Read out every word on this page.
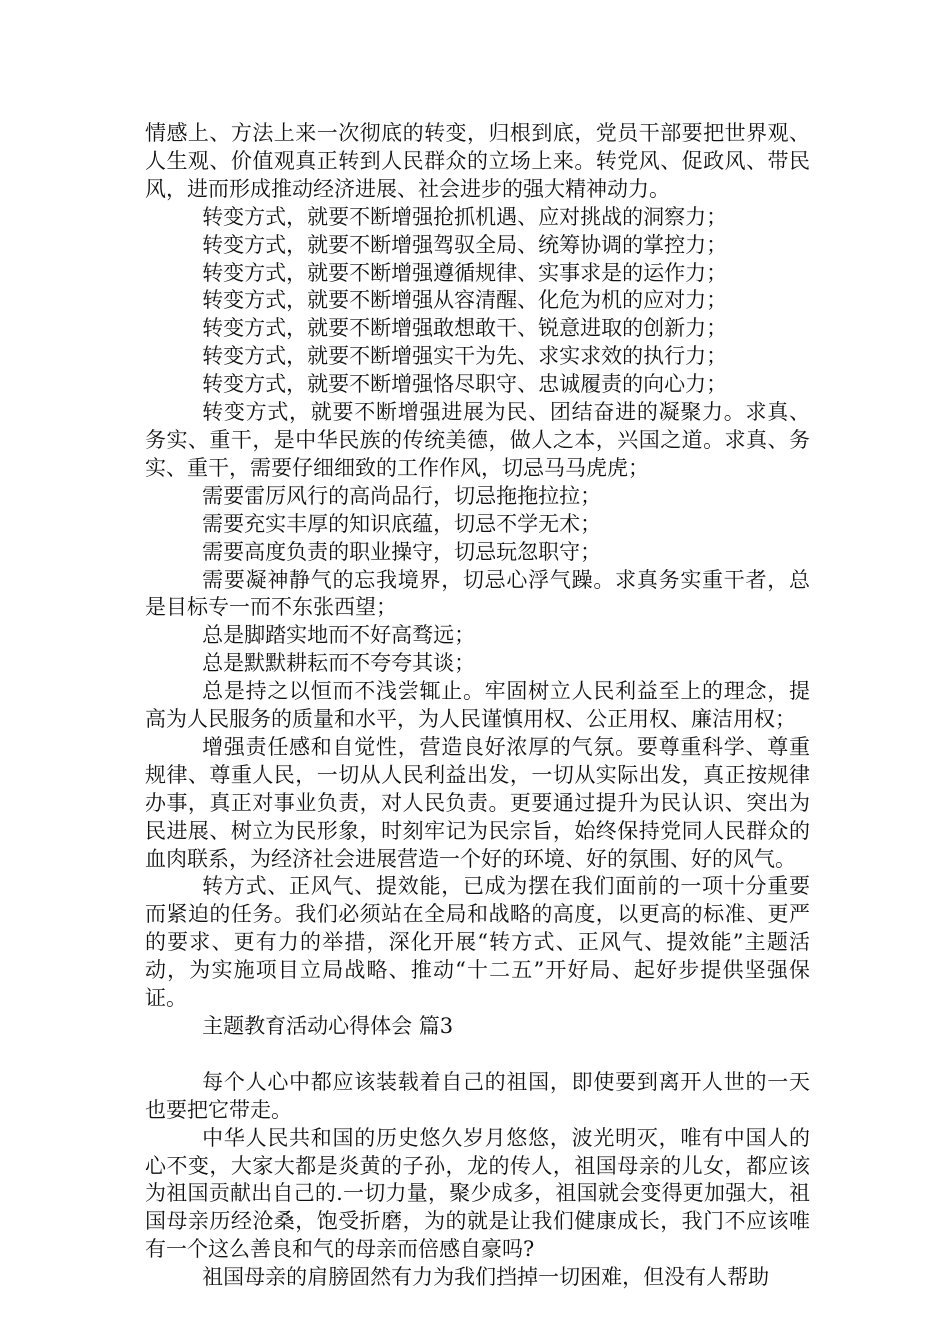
情感上、方法上来一次彻底的转变，归根到底，党员干部要把世界观、人生观、价值观真正转到人民群众的立场上来。转党风、促政风、带民风，进而形成推动经济进展、社会进步的强大精神动力。

转变方式，就要不断增强抢抓机遇、应对挑战的洞察力；

转变方式，就要不断增强驾驭全局、统筹协调的掌控力；

转变方式，就要不断增强遵循规律、实事求是的运作力；

转变方式，就要不断增强从容清醒、化危为机的应对力；

转变方式，就要不断增强敢想敢干、锐意进取的创新力；

转变方式，就要不断增强实干为先、求实求效的执行力；

转变方式，就要不断增强恪尽职守、忠诚履责的向心力；

转变方式，就要不断增强进展为民、团结奋进的凝聚力。求真、务实、重干，是中华民族的传统美德，做人之本，兴国之道。求真、务实、重干，需要仔细细致的工作作风，切忌马马虎虎；

需要雷厉风行的高尚品行，切忌拖拖拉拉；

需要充实丰厚的知识底蕴，切忌不学无术；

需要高度负责的职业操守，切忌玩忽职守；

需要凝神静气的忘我境界，切忌心浮气躁。求真务实重干者，总是目标专一而不东张西望；

总是脚踏实地而不好高骛远；

总是默默耕耘而不夸夸其谈；

总是持之以恒而不浅尝辄止。牢固树立人民利益至上的理念，提高为人民服务的质量和水平，为人民谨慎用权、公正用权、廉洁用权；

增强责任感和自觉性，营造良好浓厚的气氛。要尊重科学、尊重规律、尊重人民，一切从人民利益出发，一切从实际出发，真正按规律办事，真正对事业负责，对人民负责。更要通过提升为民认识、突出为民进展、树立为民形象，时刻牢记为民宗旨，始终保持党同人民群众的血肉联系，为经济社会进展营造一个好的环境、好的氛围、好的风气。

转方式、正风气、提效能，已成为摆在我们面前的一项十分重要而紧迫的任务。我们必须站在全局和战略的高度，以更高的标准、更严的要求、更有力的举措，深化开展“转方式、正风气、提效能”主题活动，为实施项目立局战略、推动“十二五”开好局、起好步提供坚强保证。

主题教育活动心得体会 篇3

每个人心中都应该装载着自己的祖国，即使要到离开人世的一天也要把它带走。

中华人民共和国的历史悠久岁月悠悠，波光明灭，唯有中国人的心不变，大家大都是炎黄的子孙，龙的传人，祖国母亲的儿女，都应该为祖国贡献出自己的.一切力量，聚少成多，祖国就会变得更加强大，祖国母亲历经沧桑，饱受折磨，为的就是让我们健康成长，我门不应该唯有一个这么善良和气的母亲而倍感自豪吗?

祖国母亲的肩膀固然有力为我们挡掉一切困难，但没有人帮助
